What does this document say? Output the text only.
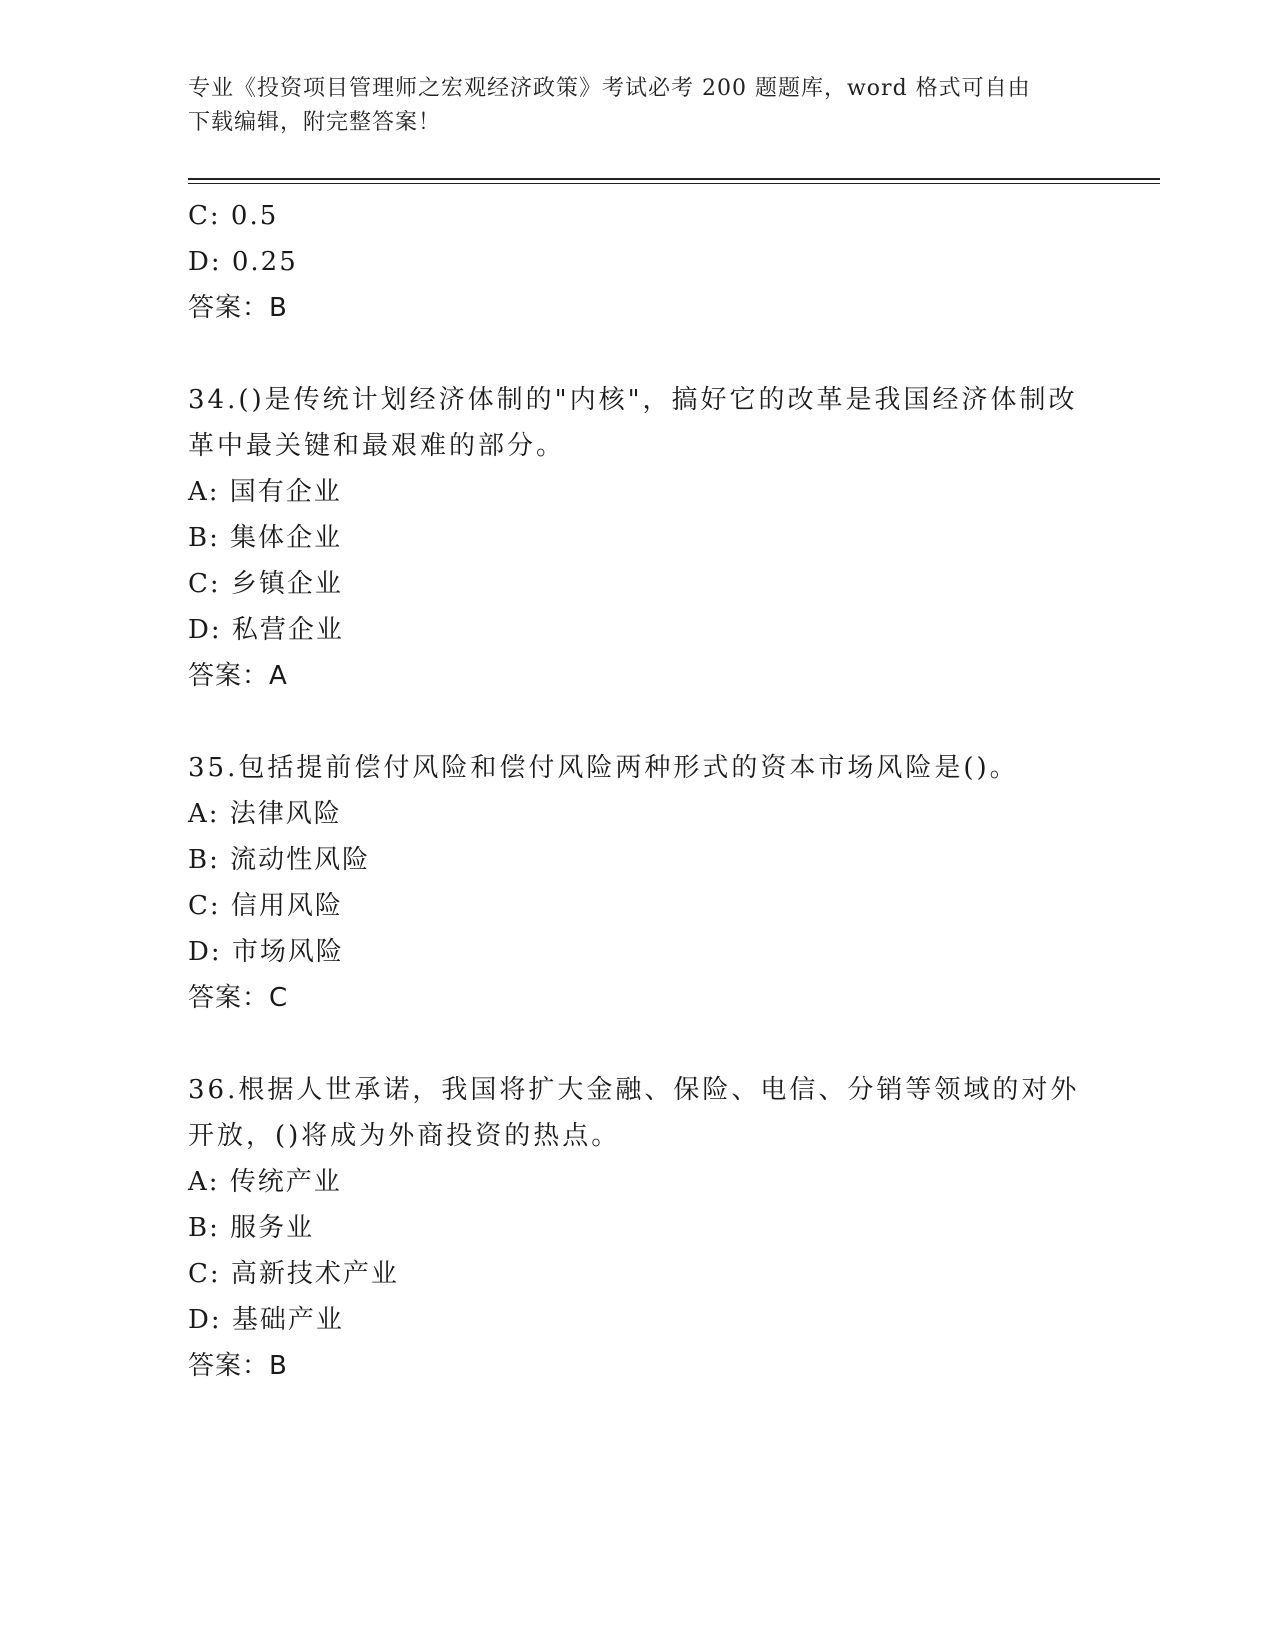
专业《投资项目管理师之宏观经济政策》考试必考 200 题题库，word 格式可自由
下载编辑，附完整答案！
C: 0.5
D: 0.25
答案：B
34.()是传统计划经济体制的"内核"，搞好它的改革是我国经济体制改
革中最关键和最艰难的部分。
A: 国有企业
B: 集体企业
C: 乡镇企业
D: 私营企业
答案：A
35.包括提前偿付风险和偿付风险两种形式的资本市场风险是()。
A: 法律风险
B: 流动性风险
C: 信用风险
D: 市场风险
答案：C
36.根据人世承诺，我国将扩大金融、保险、电信、分销等领域的对外
开放，()将成为外商投资的热点。
A: 传统产业
B: 服务业
C: 高新技术产业
D: 基础产业
答案：B
